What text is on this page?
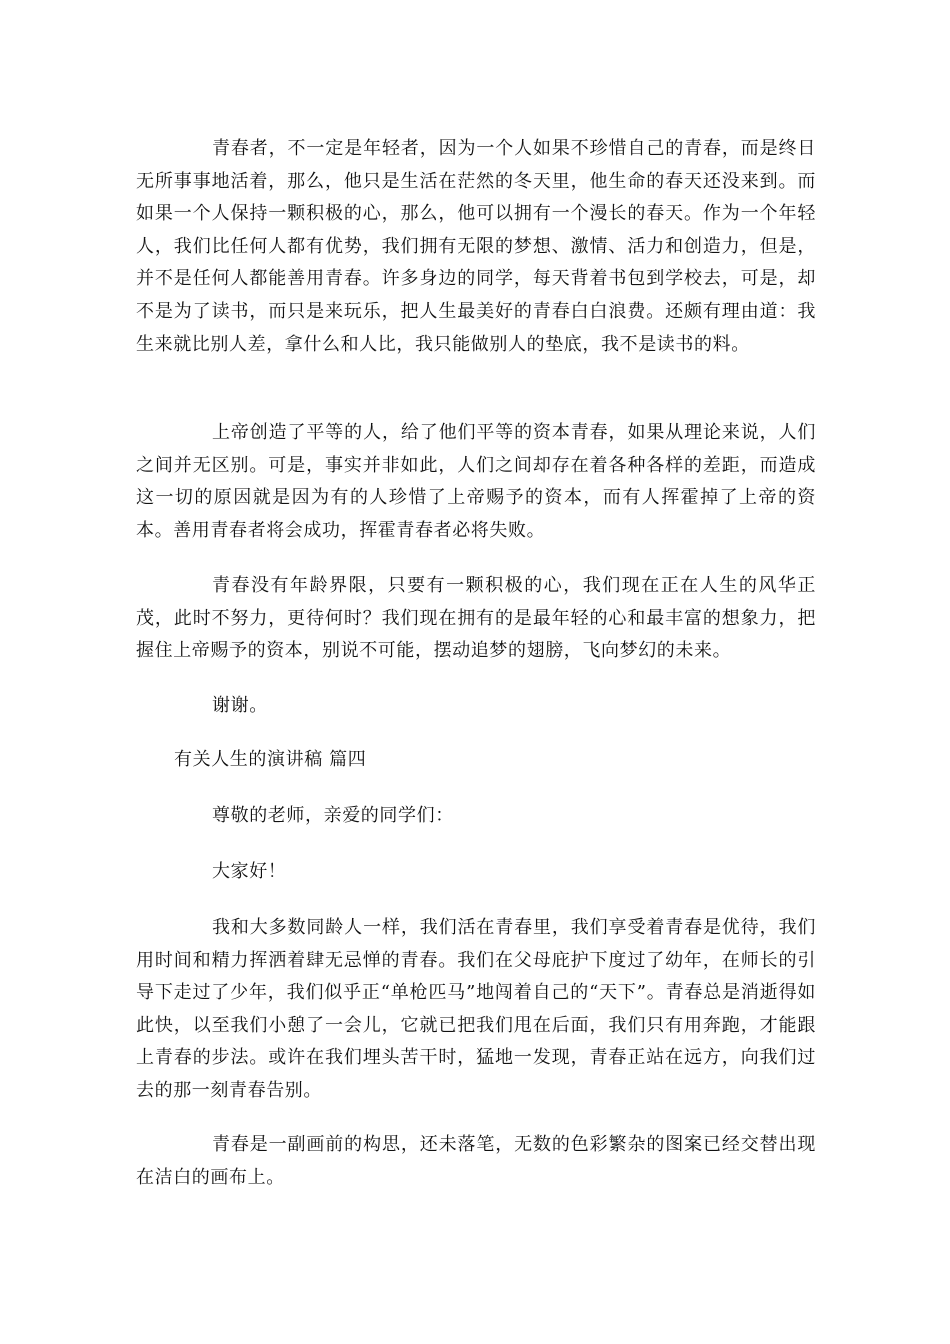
青春者，不一定是年轻者，因为一个人如果不珍惜自己的青春，而是终日无所事事地活着，那么，他只是生活在茫然的冬天里，他生命的春天还没来到。而如果一个人保持一颗积极的心，那么，他可以拥有一个漫长的春天。作为一个年轻人，我们比任何人都有优势，我们拥有无限的梦想、激情、活力和创造力，但是，并不是任何人都能善用青春。许多身边的同学，每天背着书包到学校去，可是，却不是为了读书，而只是来玩乐，把人生最美好的青春白白浪费。还颇有理由道：我生来就比别人差，拿什么和人比，我只能做别人的垫底，我不是读书的料。

上帝创造了平等的人，给了他们平等的资本青春，如果从理论来说，人们之间并无区别。可是，事实并非如此，人们之间却存在着各种各样的差距，而造成这一切的原因就是因为有的人珍惜了上帝赐予的资本，而有人挥霍掉了上帝的资本。善用青春者将会成功，挥霍青春者必将失败。

青春没有年龄界限，只要有一颗积极的心，我们现在正在人生的风华正茂，此时不努力，更待何时？我们现在拥有的是最年轻的心和最丰富的想象力，把握住上帝赐予的资本，别说不可能，摆动追梦的翅膀，飞向梦幻的未来。

谢谢。

有关人生的演讲稿 篇四

尊敬的老师，亲爱的同学们：

大家好！

我和大多数同龄人一样，我们活在青春里，我们享受着青春是优待，我们用时间和精力挥洒着肆无忌惮的青春。我们在父母庇护下度过了幼年，在师长的引导下走过了少年，我们似乎正“单枪匹马”地闯着自己的“天下”。青春总是消逝得如此快，以至我们小憩了一会儿，它就已把我们甩在后面，我们只有用奔跑，才能跟上青春的步法。或许在我们埋头苦干时，猛地一发现，青春正站在远方，向我们过去的那一刻青春告别。

青春是一副画前的构思，还未落笔，无数的色彩繁杂的图案已经交替出现在洁白的画布上。
